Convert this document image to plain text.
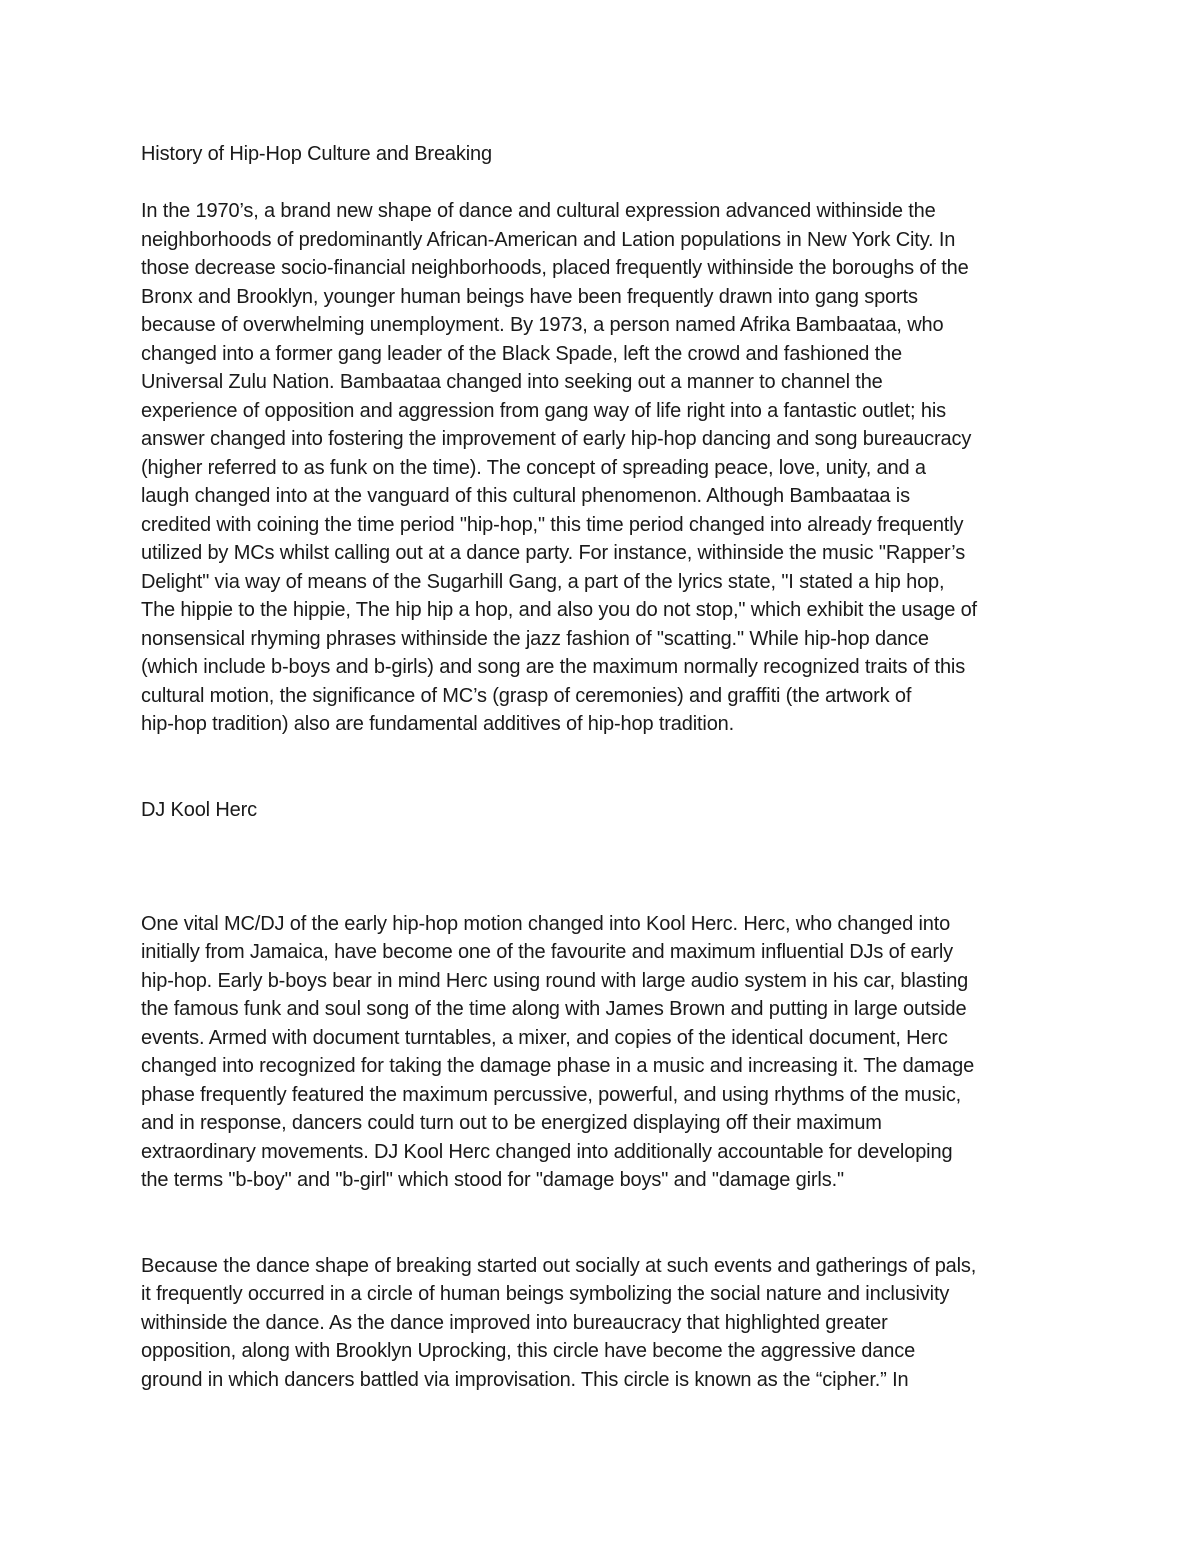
History of Hip-Hop Culture and Breaking

In the 1970’s, a brand new shape of dance and cultural expression advanced withinside the
neighborhoods of predominantly African-American and Lation populations in New York City. In
those decrease socio-financial neighborhoods, placed frequently withinside the boroughs of the
Bronx and Brooklyn, younger human beings have been frequently drawn into gang sports
because of overwhelming unemployment. By 1973, a person named Afrika Bambaataa, who
changed into a former gang leader of the Black Spade, left the crowd and fashioned the
Universal Zulu Nation. Bambaataa changed into seeking out a manner to channel the
experience of opposition and aggression from gang way of life right into a fantastic outlet; his
answer changed into fostering the improvement of early hip-hop dancing and song bureaucracy
(higher referred to as funk on the time). The concept of spreading peace, love, unity, and a
laugh changed into at the vanguard of this cultural phenomenon. Although Bambaataa is
credited with coining the time period "hip-hop," this time period changed into already frequently
utilized by MCs whilst calling out at a dance party. For instance, withinside the music "Rapper’s
Delight" via way of means of the Sugarhill Gang, a part of the lyrics state, "I stated a hip hop,
The hippie to the hippie, The hip hip a hop, and also you do not stop," which exhibit the usage of
nonsensical rhyming phrases withinside the jazz fashion of "scatting." While hip-hop dance
(which include b-boys and b-girls) and song are the maximum normally recognized traits of this
cultural motion, the significance of MC’s (grasp of ceremonies) and graffiti (the artwork of
hip-hop tradition) also are fundamental additives of hip-hop tradition.

DJ Kool Herc

One vital MC/DJ of the early hip-hop motion changed into Kool Herc. Herc, who changed into
initially from Jamaica, have become one of the favourite and maximum influential DJs of early
hip-hop. Early b-boys bear in mind Herc using round with large audio system in his car, blasting
the famous funk and soul song of the time along with James Brown and putting in large outside
events. Armed with document turntables, a mixer, and copies of the identical document, Herc
changed into recognized for taking the damage phase in a music and increasing it. The damage
phase frequently featured the maximum percussive, powerful, and using rhythms of the music,
and in response, dancers could turn out to be energized displaying off their maximum
extraordinary movements. DJ Kool Herc changed into additionally accountable for developing
the terms "b-boy" and "b-girl" which stood for "damage boys" and "damage girls."

Because the dance shape of breaking started out socially at such events and gatherings of pals,
it frequently occurred in a circle of human beings symbolizing the social nature and inclusivity
withinside the dance. As the dance improved into bureaucracy that highlighted greater
opposition, along with Brooklyn Uprocking, this circle have become the aggressive dance
ground in which dancers battled via improvisation. This circle is known as the “cipher.” In
